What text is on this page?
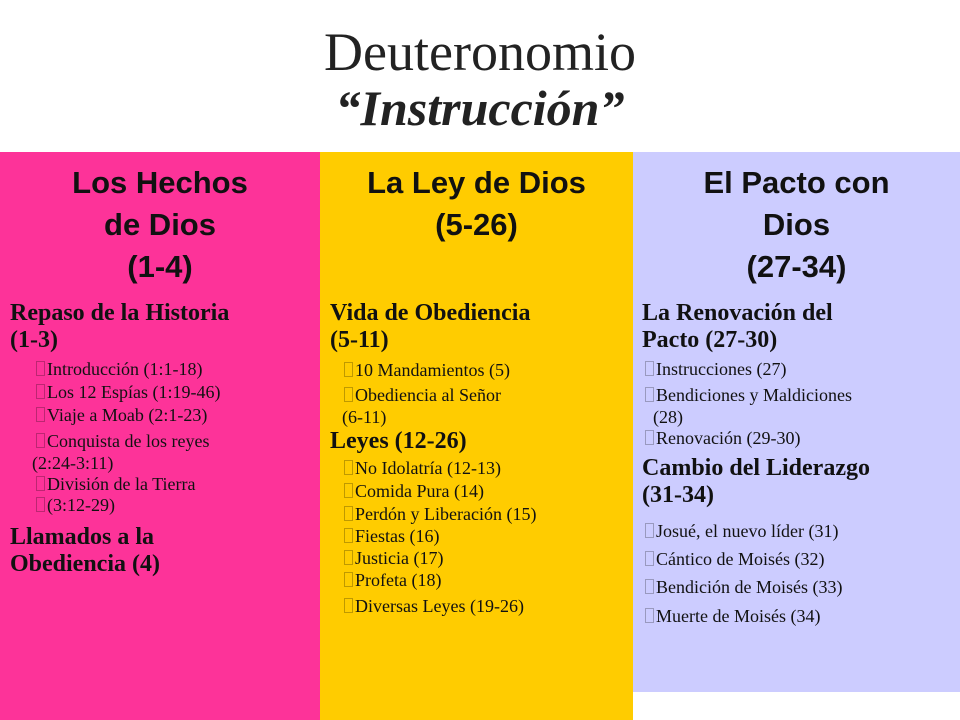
Deuteronomio
“Instrucción”
Los Hechos
de Dios
(1-4)
Repaso de la Historia
(1-3)
Introducción (1:1-18)
Los 12 Espías (1:19-46)
Viaje a Moab (2:1-23)
Conquista de los reyes
(2:24-3:11)
División de la Tierra
(3:12-29)
Llamados a la
Obediencia (4)
La Ley de Dios
(5-26)
Vida de Obediencia
(5-11)
10 Mandamientos (5)
Obediencia al Señor
(6-11)
Leyes (12-26)
No Idolatría (12-13)
Comida Pura (14)
Perdón y Liberación (15)
Fiestas (16)
Justicia (17)
Profeta (18)
Diversas Leyes (19-26)
El Pacto con
Dios
(27-34)
La Renovación del
Pacto (27-30)
Instrucciones (27)
Bendiciones y Maldiciones
(28)
Renovación (29-30)
Cambio del Liderazgo
(31-34)
Josué, el nuevo líder (31)
Cántico de Moisés (32)
Bendición de Moisés (33)
Muerte de Moisés (34)
